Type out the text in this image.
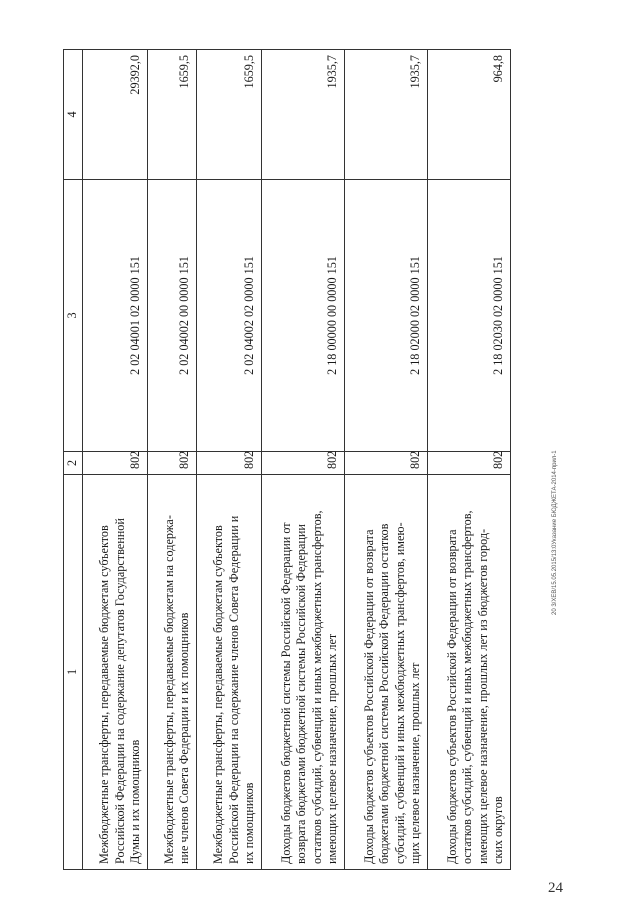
1	2	3	4

Межбюджетные трансферты, передаваемые бюджетам субъектов Российской Федерации на содержание депутатов Государственной Думы и их помощников	802	2 02 04001 02 0000 151	29392,0

Межбюджетные трансферты, передаваемые бюджетам на содержа- ние членов Совета Федерации и их помощников	802	2 02 04002 00 0000 151	1659,5

Межбюджетные трансферты, передаваемые бюджетам субъектов Российской Федерации на содержание членов Совета Федерации и их помощников	802	2 02 04002 02 0000 151	1659,5

Доходы бюджетов бюджетной системы Российской Федерации от возврата бюджетами бюджетной системы Российской Федерации остатков субсидий, субвенций и иных межбюджетных трансфертов, имеющих целевое назначение, прошлых лет	802	2 18 00000 00 0000 151	1935,7

Доходы бюджетов субъектов Российской Федерации от возврата бюджетами бюджетной системы Российской Федерации остатков субсидий, субвенций и иных межбюджетных трансфертов, имею- щих целевое назначение, прошлых лет	802	2 18 02000 02 0000 151	1935,7

Доходы бюджетов субъектов Российской Федерации от возврата остатков субсидий, субвенций и иных межбюджетных трансфертов, имеющих целевое назначение, прошлых лет из бюджетов город- ских округов	802	2 18 02030 02 0000 151	964,8
20 3/ХЕВ/15.05.2015/13:0Указание БЮДЖЕТА-2014-прил-1
24
